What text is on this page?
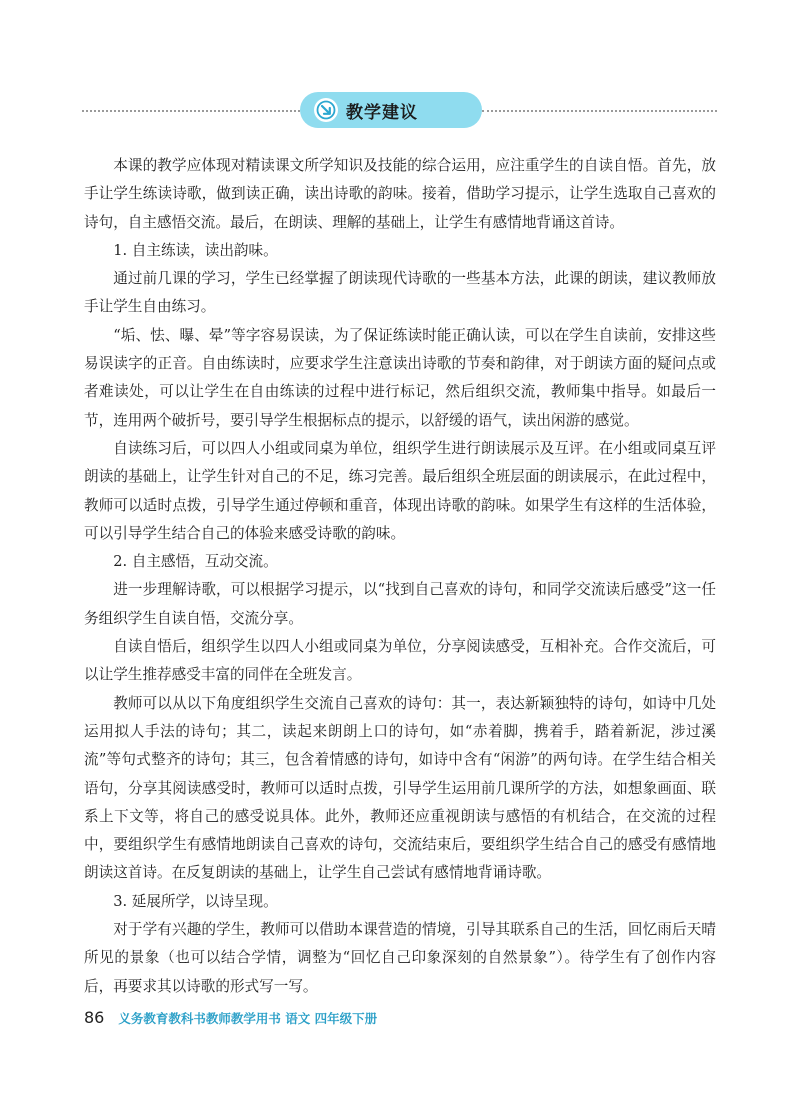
教学建议

本课的教学应体现对精读课文所学知识及技能的综合运用，应注重学生的自读自悟。首先，放手让学生练读诗歌，做到读正确，读出诗歌的韵味。接着，借助学习提示，让学生选取自己喜欢的诗句，自主感悟交流。最后，在朗读、理解的基础上，让学生有感情地背诵这首诗。

1. 自主练读，读出韵味。

通过前几课的学习，学生已经掌握了朗读现代诗歌的一些基本方法，此课的朗读，建议教师放手让学生自由练习。

“垢、怯、曝、晕”等字容易误读，为了保证练读时能正确认读，可以在学生自读前，安排这些易误读字的正音。自由练读时，应要求学生注意读出诗歌的节奏和韵律，对于朗读方面的疑问点或者难读处，可以让学生在自由练读的过程中进行标记，然后组织交流，教师集中指导。如最后一节，连用两个破折号，要引导学生根据标点的提示，以舒缓的语气，读出闲游的感觉。

自读练习后，可以四人小组或同桌为单位，组织学生进行朗读展示及互评。在小组或同桌互评朗读的基础上，让学生针对自己的不足，练习完善。最后组织全班层面的朗读展示，在此过程中，教师可以适时点拨，引导学生通过停顿和重音，体现出诗歌的韵味。如果学生有这样的生活体验，可以引导学生结合自己的体验来感受诗歌的韵味。

2. 自主感悟，互动交流。

进一步理解诗歌，可以根据学习提示，以“找到自己喜欢的诗句，和同学交流读后感受”这一任务组织学生自读自悟，交流分享。

自读自悟后，组织学生以四人小组或同桌为单位，分享阅读感受，互相补充。合作交流后，可以让学生推荐感受丰富的同伴在全班发言。

教师可以从以下角度组织学生交流自己喜欢的诗句：其一，表达新颖独特的诗句，如诗中几处运用拟人手法的诗句；其二，读起来朗朗上口的诗句，如“赤着脚，携着手，踏着新泥，涉过溪流”等句式整齐的诗句；其三，包含着情感的诗句，如诗中含有“闲游”的两句诗。在学生结合相关语句，分享其阅读感受时，教师可以适时点拨，引导学生运用前几课所学的方法，如想象画面、联系上下文等，将自己的感受说具体。此外，教师还应重视朗读与感悟的有机结合，在交流的过程中，要组织学生有感情地朗读自己喜欢的诗句，交流结束后，要组织学生结合自己的感受有感情地朗读这首诗。在反复朗读的基础上，让学生自己尝试有感情地背诵诗歌。

3. 延展所学，以诗呈现。

对于学有兴趣的学生，教师可以借助本课营造的情境，引导其联系自己的生活，回忆雨后天晴所见的景象（也可以结合学情，调整为“回忆自己印象深刻的自然景象”）。待学生有了创作内容后，再要求其以诗歌的形式写一写。

86 义务教育教科书教师教学用书 语文 四年级下册
